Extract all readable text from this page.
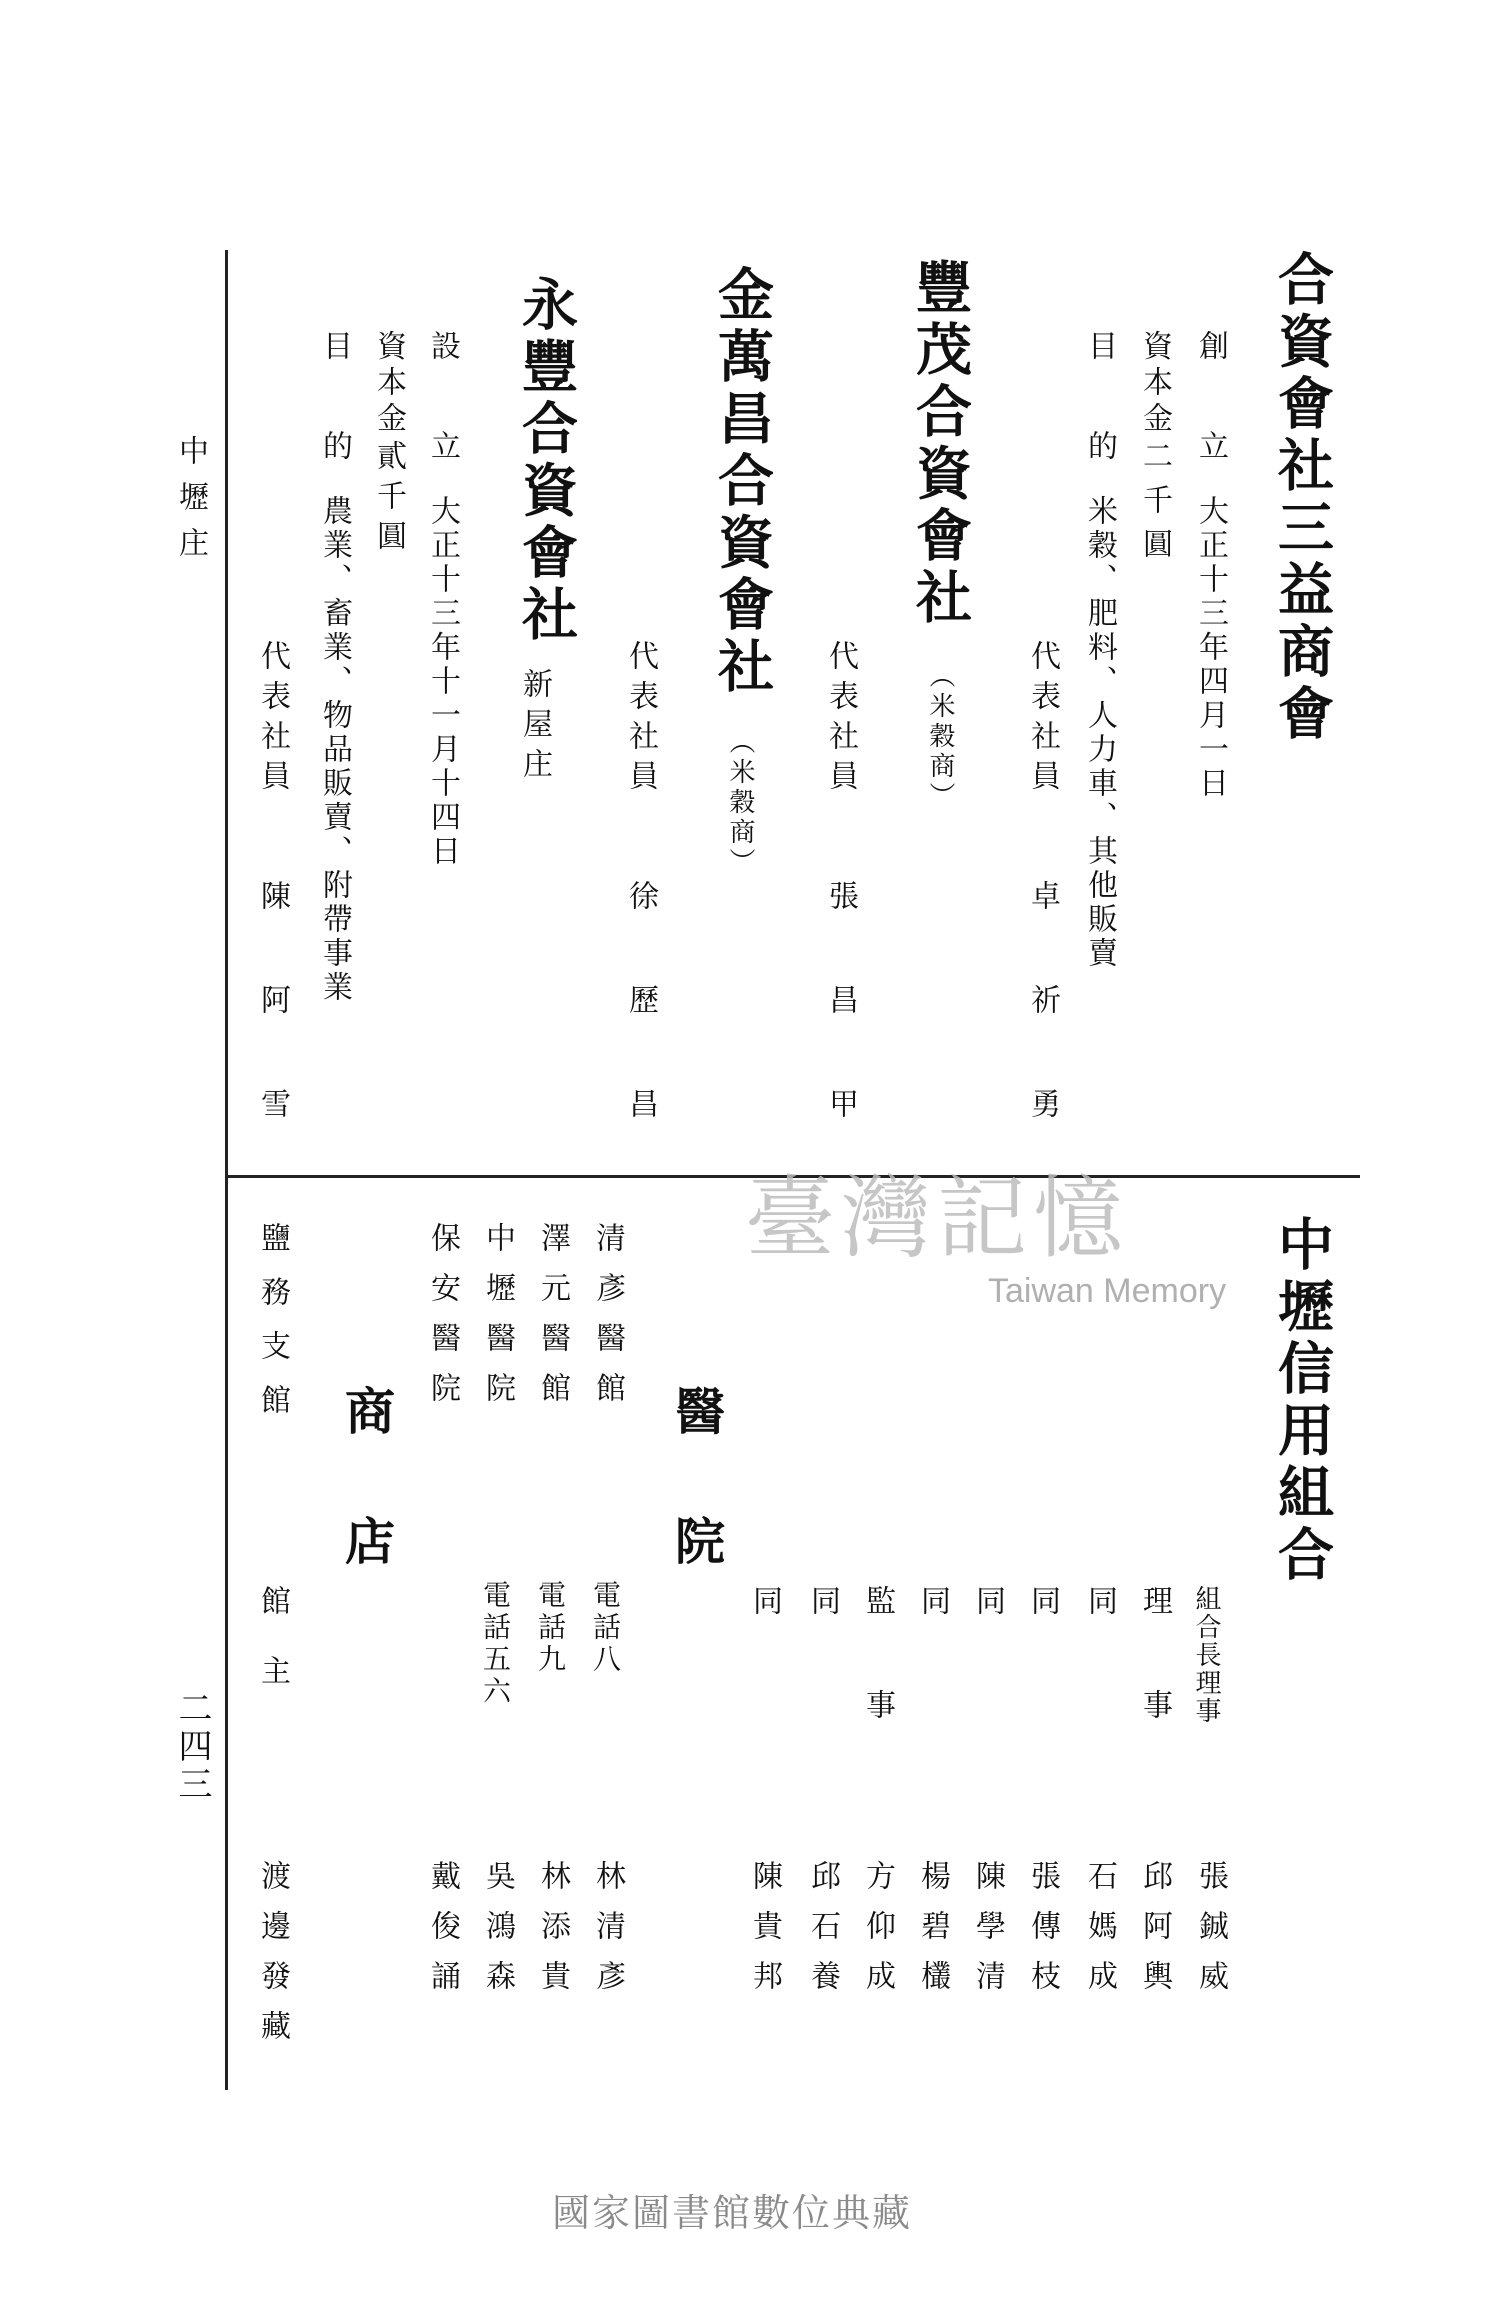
中壢庄
二四三
合資會社三益商會
創　立
大正十三年四月一日
資本金
二千圓
目　的
米穀、肥料、人力車、其他販賣
代表社員
卓　祈　勇
豐茂合資會社
（米穀商）
代表社員
張　昌　甲
金萬昌合資會社
（米穀商）
代表社員
徐　歷　昌
永豐合資會社
新屋庄
設　立
大正十三年十一月十四日
資本金
貳千圓
目　的
農業、畜業、物品販賣、附帶事業
代表社員
陳　阿　雪
中壢信用組合
組合長理事
張鋮威
理　事
邱阿輿
同
石媽成
同
張傳枝
同
陳學清
同
楊碧欉
監　事
方仰成
同
邱石養
同
陳貴邦
醫院
清彥醫館
電話八
林清彥
澤元醫館
電話九
林添貴
中壢醫院
電話五六
吳鴻森
保安醫院
戴俊誦
商店
鹽務支館
館主
渡邊發藏
臺灣記憶
Taiwan Memory
國家圖書館數位典藏
